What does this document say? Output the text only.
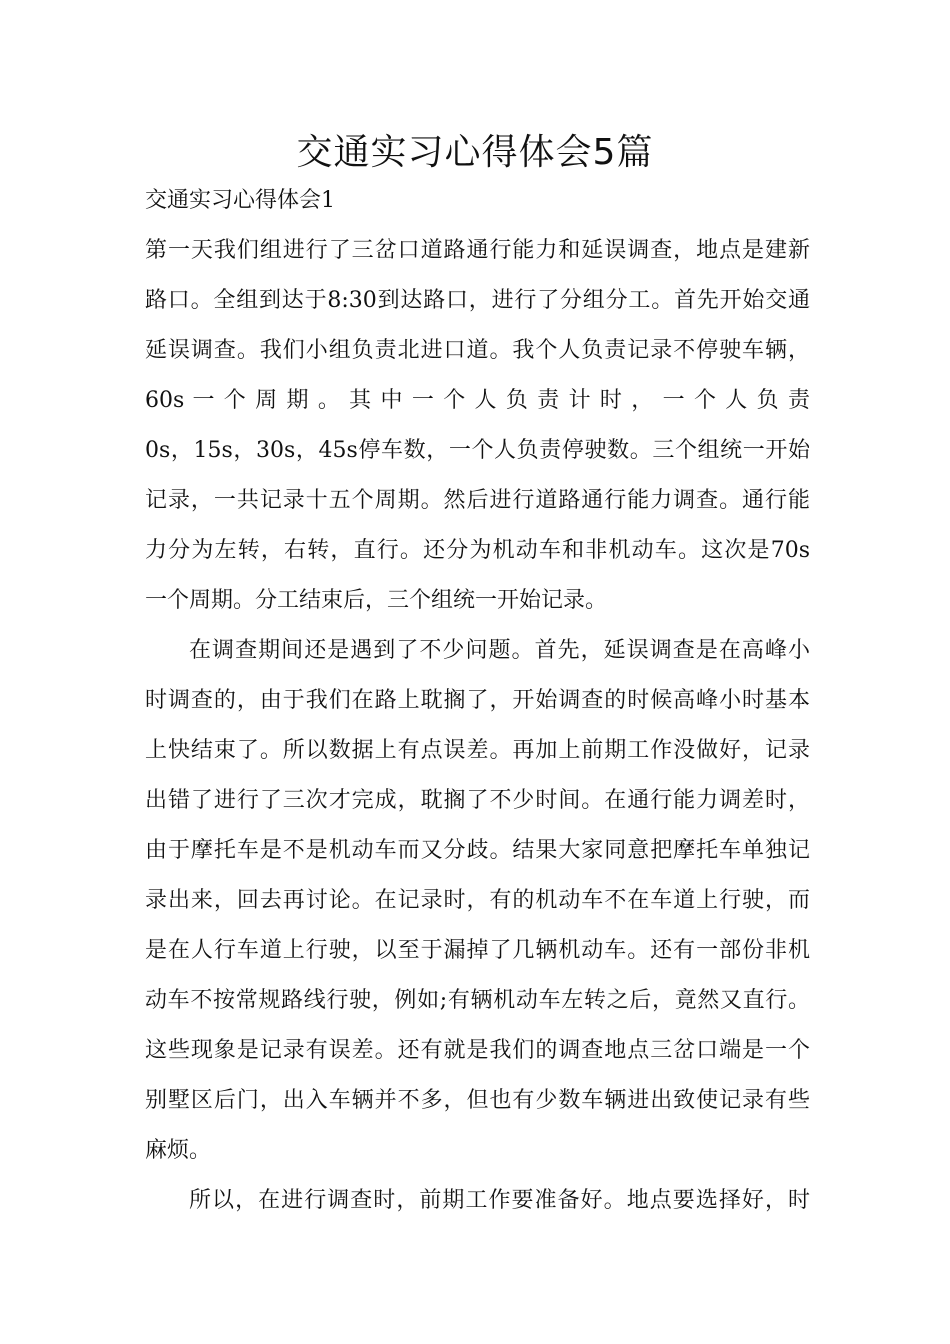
交通实习心得体会5篇
交通实习心得体会1
第一天我们组进行了三岔口道路通行能力和延误调查，地点是建新
路口。全组到达于8:30到达路口，进行了分组分工。首先开始交通
延误调查。我们小组负责北进口道。我个人负责记录不停驶车辆，
60s 一 个 周 期 。 其 中 一 个 人 负 责 计 时 ， 一 个 人 负 责
0s，15s，30s，45s停车数，一个人负责停驶数。三个组统一开始
记录，一共记录十五个周期。然后进行道路通行能力调查。通行能
力分为左转，右转，直行。还分为机动车和非机动车。这次是70s
一个周期。分工结束后，三个组统一开始记录。
在调查期间还是遇到了不少问题。首先，延误调查是在高峰小
时调查的，由于我们在路上耽搁了，开始调查的时候高峰小时基本
上快结束了。所以数据上有点误差。再加上前期工作没做好，记录
出错了进行了三次才完成，耽搁了不少时间。在通行能力调差时，
由于摩托车是不是机动车而又分歧。结果大家同意把摩托车单独记
录出来，回去再讨论。在记录时，有的机动车不在车道上行驶，而
是在人行车道上行驶，以至于漏掉了几辆机动车。还有一部份非机
动车不按常规路线行驶，例如;有辆机动车左转之后，竟然又直行。
这些现象是记录有误差。还有就是我们的调查地点三岔口端是一个
别墅区后门，出入车辆并不多，但也有少数车辆进出致使记录有些
麻烦。
所以，在进行调查时，前期工作要准备好。地点要选择好，时
